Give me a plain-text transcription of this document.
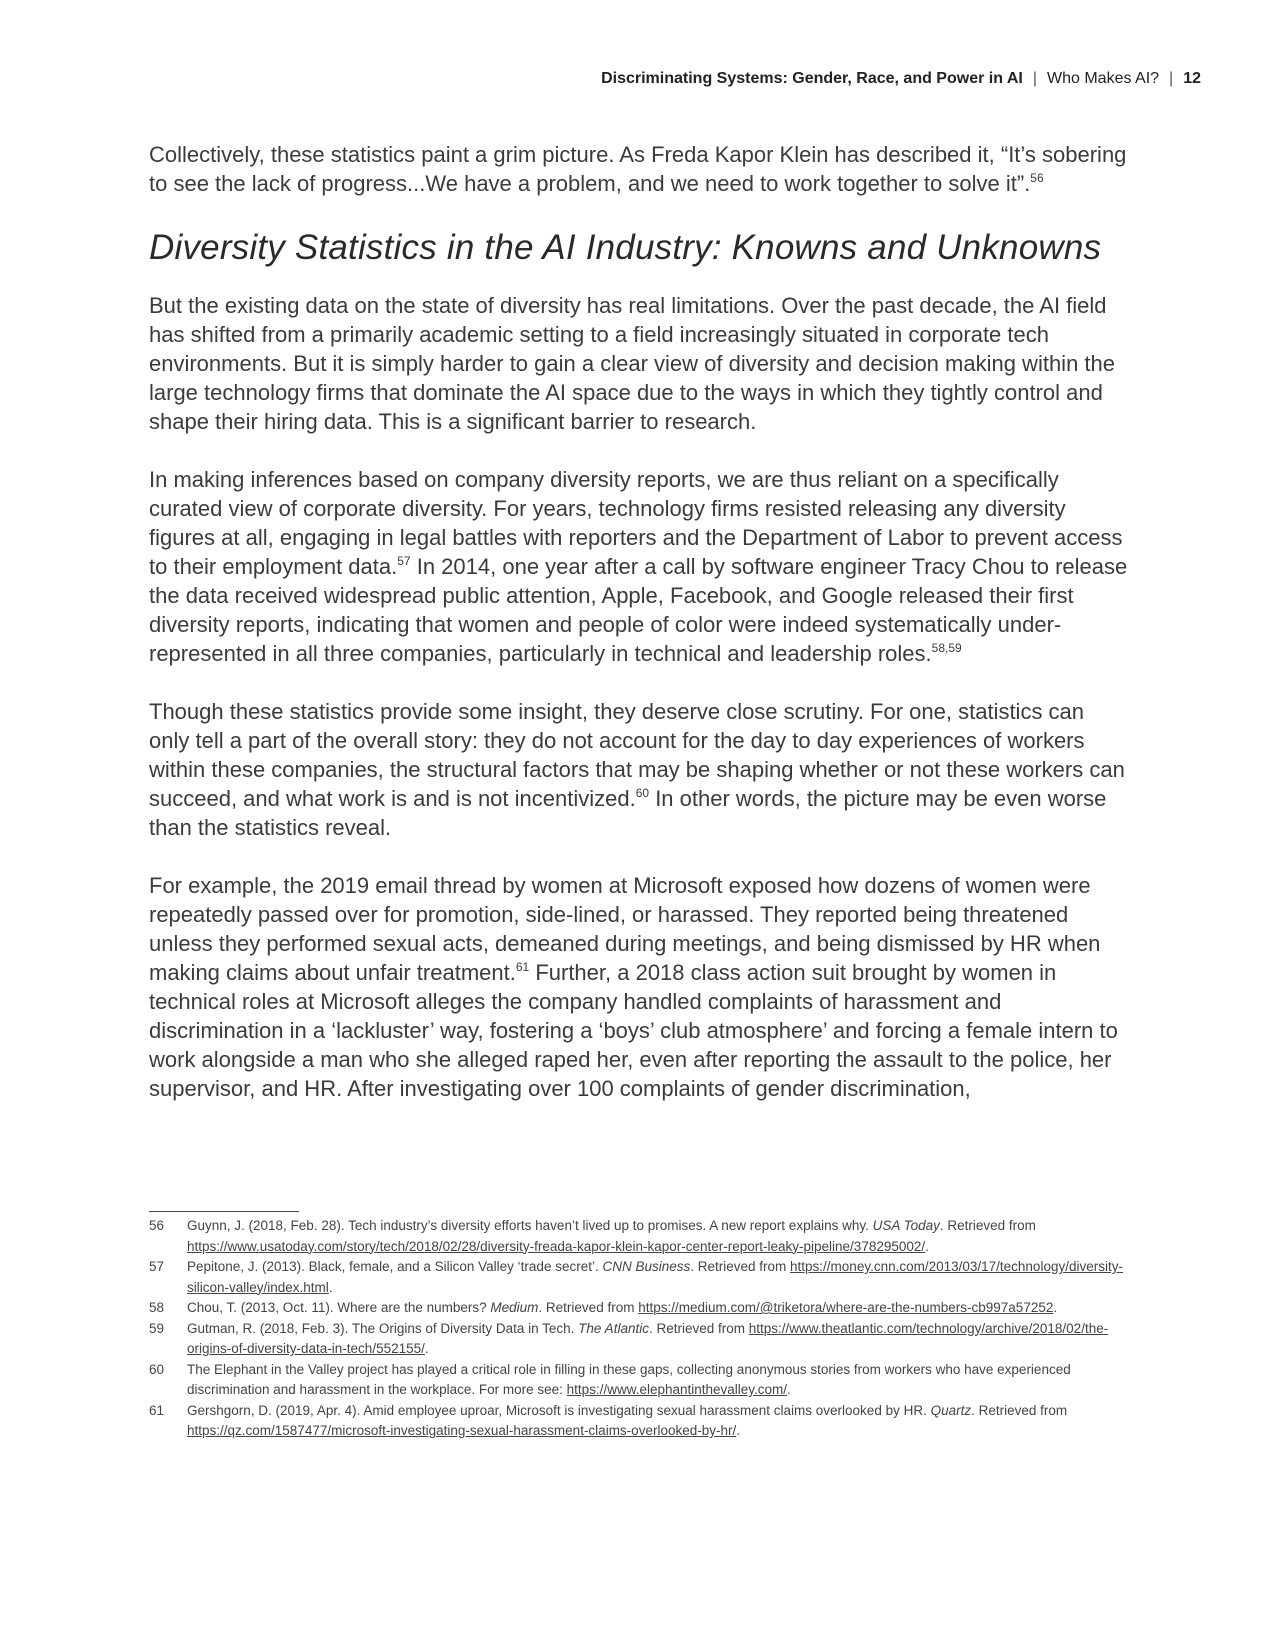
Discriminating Systems: Gender, Race, and Power in AI | Who Makes AI? | 12

Collectively, these statistics paint a grim picture. As Freda Kapor Klein has described it, “It’s sobering to see the lack of progress...We have a problem, and we need to work together to solve it”.$^{56}$

Diversity Statistics in the AI Industry: Knowns and Unknowns

But the existing data on the state of diversity has real limitations. Over the past decade, the AI field has shifted from a primarily academic setting to a field increasingly situated in corporate tech environments. But it is simply harder to gain a clear view of diversity and decision making within the large technology firms that dominate the AI space due to the ways in which they tightly control and shape their hiring data. This is a significant barrier to research.

In making inferences based on company diversity reports, we are thus reliant on a specifically curated view of corporate diversity. For years, technology firms resisted releasing any diversity figures at all, engaging in legal battles with reporters and the Department of Labor to prevent access to their employment data.$^{57}$ In 2014, one year after a call by software engineer Tracy Chou to release the data received widespread public attention, Apple, Facebook, and Google released their first diversity reports, indicating that women and people of color were indeed systematically under-represented in all three companies, particularly in technical and leadership roles.$^{58,59}$

Though these statistics provide some insight, they deserve close scrutiny. For one, statistics can only tell a part of the overall story: they do not account for the day to day experiences of workers within these companies, the structural factors that may be shaping whether or not these workers can succeed, and what work is and is not incentivized.$^{60}$ In other words, the picture may be even worse than the statistics reveal.

For example, the 2019 email thread by women at Microsoft exposed how dozens of women were repeatedly passed over for promotion, side-lined, or harassed. They reported being threatened unless they performed sexual acts, demeaned during meetings, and being dismissed by HR when making claims about unfair treatment.$^{61}$ Further, a 2018 class action suit brought by women in technical roles at Microsoft alleges the company handled complaints of harassment and discrimination in a ‘lackluster’ way, fostering a ‘boys’ club atmosphere’ and forcing a female intern to work alongside a man who she alleged raped her, even after reporting the assault to the police, her supervisor, and HR. After investigating over 100 complaints of gender discrimination,

56	Guynn, J. (2018, Feb. 28). Tech industry’s diversity efforts haven’t lived up to promises. A new report explains why. USA Today. Retrieved from https://www.usatoday.com/story/tech/2018/02/28/diversity-freada-kapor-klein-kapor-center-report-leaky-pipeline/378295002/.
57	Pepitone, J. (2013). Black, female, and a Silicon Valley ‘trade secret’. CNN Business. Retrieved from https://money.cnn.com/2013/03/17/technology/diversity-silicon-valley/index.html.
58	Chou, T. (2013, Oct. 11). Where are the numbers? Medium. Retrieved from https://medium.com/@triketora/where-are-the-numbers-cb997a57252.
59	Gutman, R. (2018, Feb. 3). The Origins of Diversity Data in Tech. The Atlantic. Retrieved from https://www.theatlantic.com/technology/archive/2018/02/the-origins-of-diversity-data-in-tech/552155/.
60	The Elephant in the Valley project has played a critical role in filling in these gaps, collecting anonymous stories from workers who have experienced discrimination and harassment in the workplace. For more see: https://www.elephantinthevalley.com/.
61	Gershgorn, D. (2019, Apr. 4). Amid employee uproar, Microsoft is investigating sexual harassment claims overlooked by HR. Quartz. Retrieved from https://qz.com/1587477/microsoft-investigating-sexual-harassment-claims-overlooked-by-hr/.
